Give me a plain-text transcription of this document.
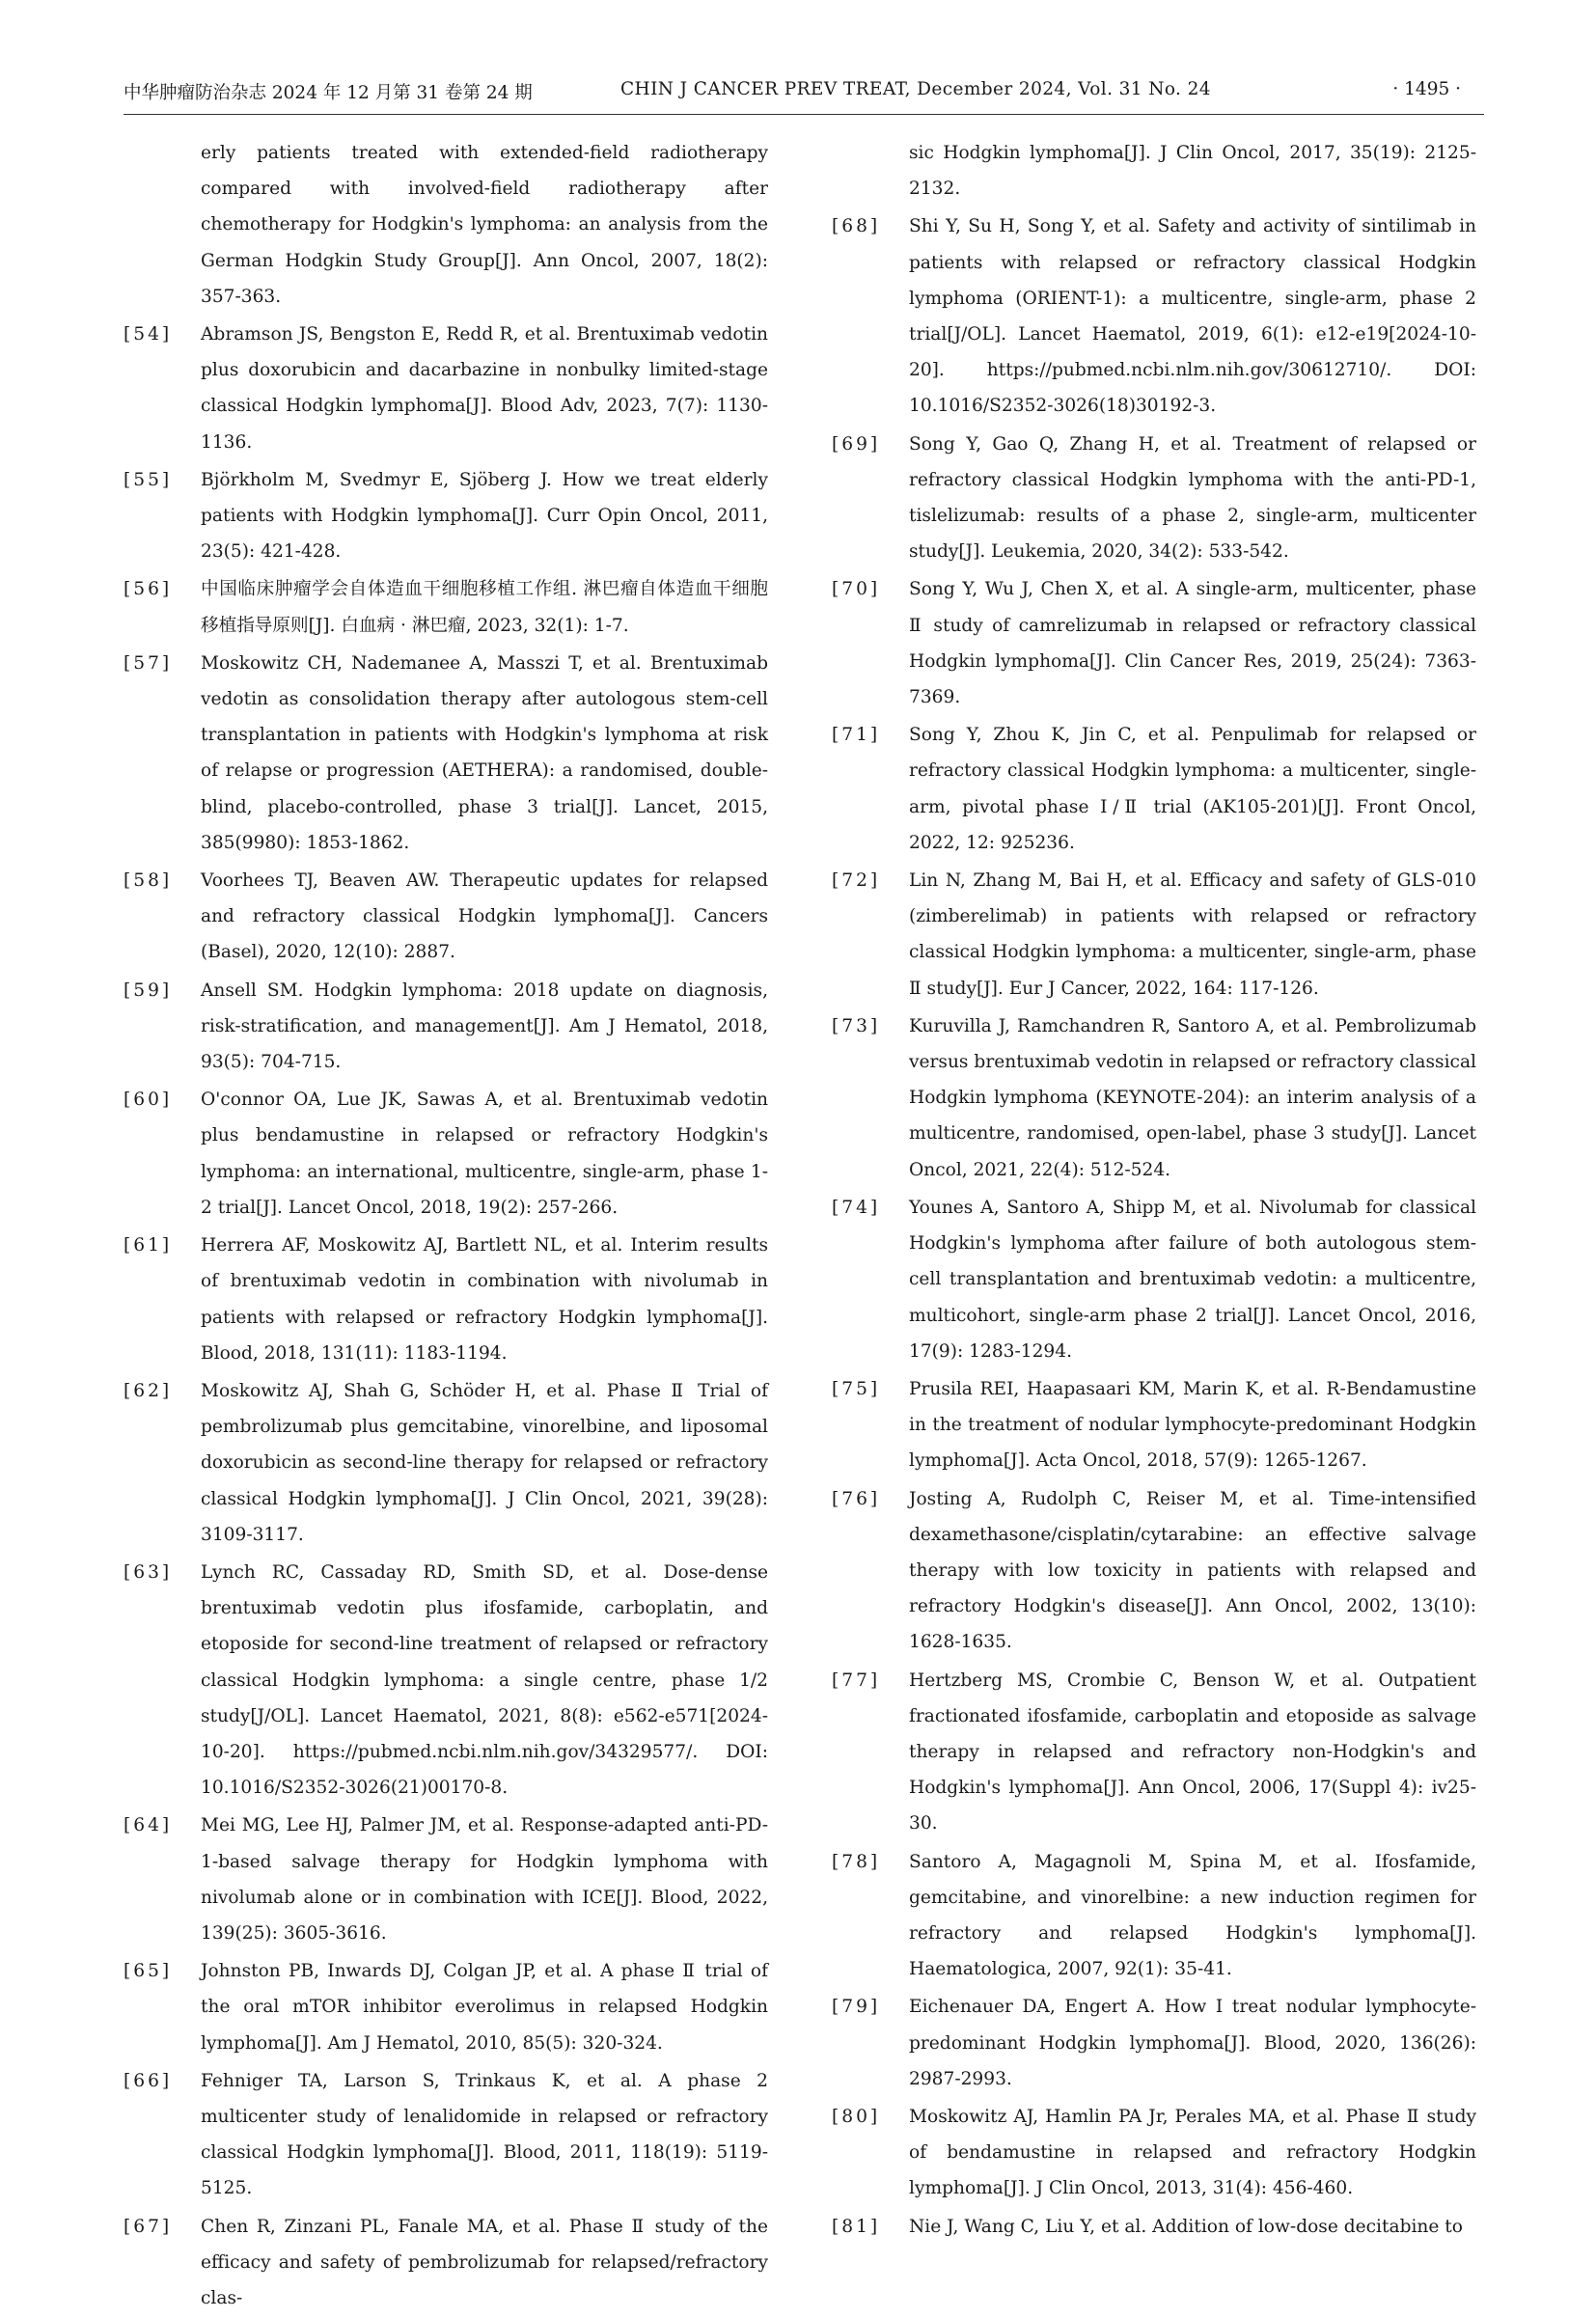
中华肿瘤防治杂志 2024 年 12 月第 31 卷第 24 期	CHIN J CANCER PREV TREAT, December 2024, Vol. 31 No. 24	· 1495 ·
erly patients treated with extended-field radiotherapy compared with involved-field radiotherapy after chemotherapy for Hodgkin's lymphoma: an analysis from the German Hodgkin Study Group[J]. Ann Oncol, 2007, 18(2): 357-363.
[54] Abramson JS, Bengston E, Redd R, et al. Brentuximab vedotin plus doxorubicin and dacarbazine in nonbulky limited-stage classical Hodgkin lymphoma[J]. Blood Adv, 2023, 7(7): 1130-1136.
[55] Björkholm M, Svedmyr E, Sjöberg J. How we treat elderly patients with Hodgkin lymphoma[J]. Curr Opin Oncol, 2011, 23(5): 421-428.
[56] 中国临床肿瘤学会自体造血干细胞移植工作组. 淋巴瘤自体造血干细胞移植指导原则[J]. 白血病 · 淋巴瘤, 2023, 32(1): 1-7.
[57] Moskowitz CH, Nademanee A, Masszi T, et al. Brentuximab vedotin as consolidation therapy after autologous stem-cell transplantation in patients with Hodgkin's lymphoma at risk of relapse or progression (AETHERA): a randomised, double-blind, placebo-controlled, phase 3 trial[J]. Lancet, 2015, 385(9980): 1853-1862.
[58] Voorhees TJ, Beaven AW. Therapeutic updates for relapsed and refractory classical Hodgkin lymphoma[J]. Cancers (Basel), 2020, 12(10): 2887.
[59] Ansell SM. Hodgkin lymphoma: 2018 update on diagnosis, risk-stratification, and management[J]. Am J Hematol, 2018, 93(5): 704-715.
[60] O'connor OA, Lue JK, Sawas A, et al. Brentuximab vedotin plus bendamustine in relapsed or refractory Hodgkin's lymphoma: an international, multicentre, single-arm, phase 1-2 trial[J]. Lancet Oncol, 2018, 19(2): 257-266.
[61] Herrera AF, Moskowitz AJ, Bartlett NL, et al. Interim results of brentuximab vedotin in combination with nivolumab in patients with relapsed or refractory Hodgkin lymphoma[J]. Blood, 2018, 131(11): 1183-1194.
[62] Moskowitz AJ, Shah G, Schöder H, et al. Phase Ⅱ Trial of pembrolizumab plus gemcitabine, vinorelbine, and liposomal doxorubicin as second-line therapy for relapsed or refractory classical Hodgkin lymphoma[J]. J Clin Oncol, 2021, 39(28): 3109-3117.
[63] Lynch RC, Cassaday RD, Smith SD, et al. Dose-dense brentuximab vedotin plus ifosfamide, carboplatin, and etoposide for second-line treatment of relapsed or refractory classical Hodgkin lymphoma: a single centre, phase 1/2 study[J/OL]. Lancet Haematol, 2021, 8(8): e562-e571[2024-10-20]. https://pubmed.ncbi.nlm.nih.gov/34329577/. DOI: 10.1016/S2352-3026(21)00170-8.
[64] Mei MG, Lee HJ, Palmer JM, et al. Response-adapted anti-PD-1-based salvage therapy for Hodgkin lymphoma with nivolumab alone or in combination with ICE[J]. Blood, 2022, 139(25): 3605-3616.
[65] Johnston PB, Inwards DJ, Colgan JP, et al. A phase Ⅱ trial of the oral mTOR inhibitor everolimus in relapsed Hodgkin lymphoma[J]. Am J Hematol, 2010, 85(5): 320-324.
[66] Fehniger TA, Larson S, Trinkaus K, et al. A phase 2 multicenter study of lenalidomide in relapsed or refractory classical Hodgkin lymphoma[J]. Blood, 2011, 118(19): 5119-5125.
[67] Chen R, Zinzani PL, Fanale MA, et al. Phase Ⅱ study of the efficacy and safety of pembrolizumab for relapsed/refractory clas-
sic Hodgkin lymphoma[J]. J Clin Oncol, 2017, 35(19): 2125-2132.
[68] Shi Y, Su H, Song Y, et al. Safety and activity of sintilimab in patients with relapsed or refractory classical Hodgkin lymphoma (ORIENT-1): a multicentre, single-arm, phase 2 trial[J/OL]. Lancet Haematol, 2019, 6(1): e12-e19[2024-10-20]. https://pubmed.ncbi.nlm.nih.gov/30612710/. DOI: 10.1016/S2352-3026(18)30192-3.
[69] Song Y, Gao Q, Zhang H, et al. Treatment of relapsed or refractory classical Hodgkin lymphoma with the anti-PD-1, tislelizumab: results of a phase 2, single-arm, multicenter study[J]. Leukemia, 2020, 34(2): 533-542.
[70] Song Y, Wu J, Chen X, et al. A single-arm, multicenter, phase Ⅱ study of camrelizumab in relapsed or refractory classical Hodgkin lymphoma[J]. Clin Cancer Res, 2019, 25(24): 7363-7369.
[71] Song Y, Zhou K, Jin C, et al. Penpulimab for relapsed or refractory classical Hodgkin lymphoma: a multicenter, single-arm, pivotal phase Ⅰ/Ⅱ trial (AK105-201)[J]. Front Oncol, 2022, 12: 925236.
[72] Lin N, Zhang M, Bai H, et al. Efficacy and safety of GLS-010 (zimberelimab) in patients with relapsed or refractory classical Hodgkin lymphoma: a multicenter, single-arm, phase Ⅱ study[J]. Eur J Cancer, 2022, 164: 117-126.
[73] Kuruvilla J, Ramchandren R, Santoro A, et al. Pembrolizumab versus brentuximab vedotin in relapsed or refractory classical Hodgkin lymphoma (KEYNOTE-204): an interim analysis of a multicentre, randomised, open-label, phase 3 study[J]. Lancet Oncol, 2021, 22(4): 512-524.
[74] Younes A, Santoro A, Shipp M, et al. Nivolumab for classical Hodgkin's lymphoma after failure of both autologous stem-cell transplantation and brentuximab vedotin: a multicentre, multicohort, single-arm phase 2 trial[J]. Lancet Oncol, 2016, 17(9): 1283-1294.
[75] Prusila REI, Haapasaari KM, Marin K, et al. R-Bendamustine in the treatment of nodular lymphocyte-predominant Hodgkin lymphoma[J]. Acta Oncol, 2018, 57(9): 1265-1267.
[76] Josting A, Rudolph C, Reiser M, et al. Time-intensified dexamethasone/cisplatin/cytarabine: an effective salvage therapy with low toxicity in patients with relapsed and refractory Hodgkin's disease[J]. Ann Oncol, 2002, 13(10): 1628-1635.
[77] Hertzberg MS, Crombie C, Benson W, et al. Outpatient fractionated ifosfamide, carboplatin and etoposide as salvage therapy in relapsed and refractory non-Hodgkin's and Hodgkin's lymphoma[J]. Ann Oncol, 2006, 17(Suppl 4): iv25-30.
[78] Santoro A, Magagnoli M, Spina M, et al. Ifosfamide, gemcitabine, and vinorelbine: a new induction regimen for refractory and relapsed Hodgkin's lymphoma[J]. Haematologica, 2007, 92(1): 35-41.
[79] Eichenauer DA, Engert A. How I treat nodular lymphocyte-predominant Hodgkin lymphoma[J]. Blood, 2020, 136(26): 2987-2993.
[80] Moskowitz AJ, Hamlin PA Jr, Perales MA, et al. Phase Ⅱ study of bendamustine in relapsed and refractory Hodgkin lymphoma[J]. J Clin Oncol, 2013, 31(4): 456-460.
[81] Nie J, Wang C, Liu Y, et al. Addition of low-dose decitabine to
